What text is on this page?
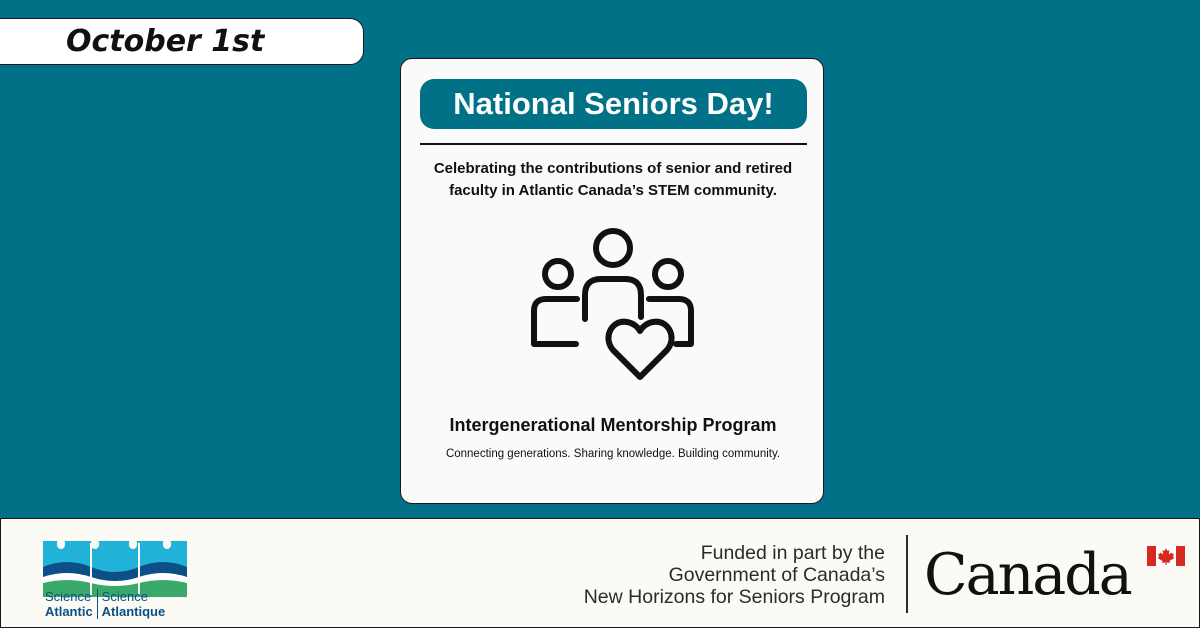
October 1st
National Seniors Day!
Celebrating the contributions of senior and retired
faculty in Atlantic Canada’s STEM community.
Intergenerational Mentorship Program
Connecting generations. Sharing knowledge. Building community.
Science
Atlantic
Science
Atlantique
Funded in part by the
Government of Canada’s
New Horizons for Seniors Program Canada
